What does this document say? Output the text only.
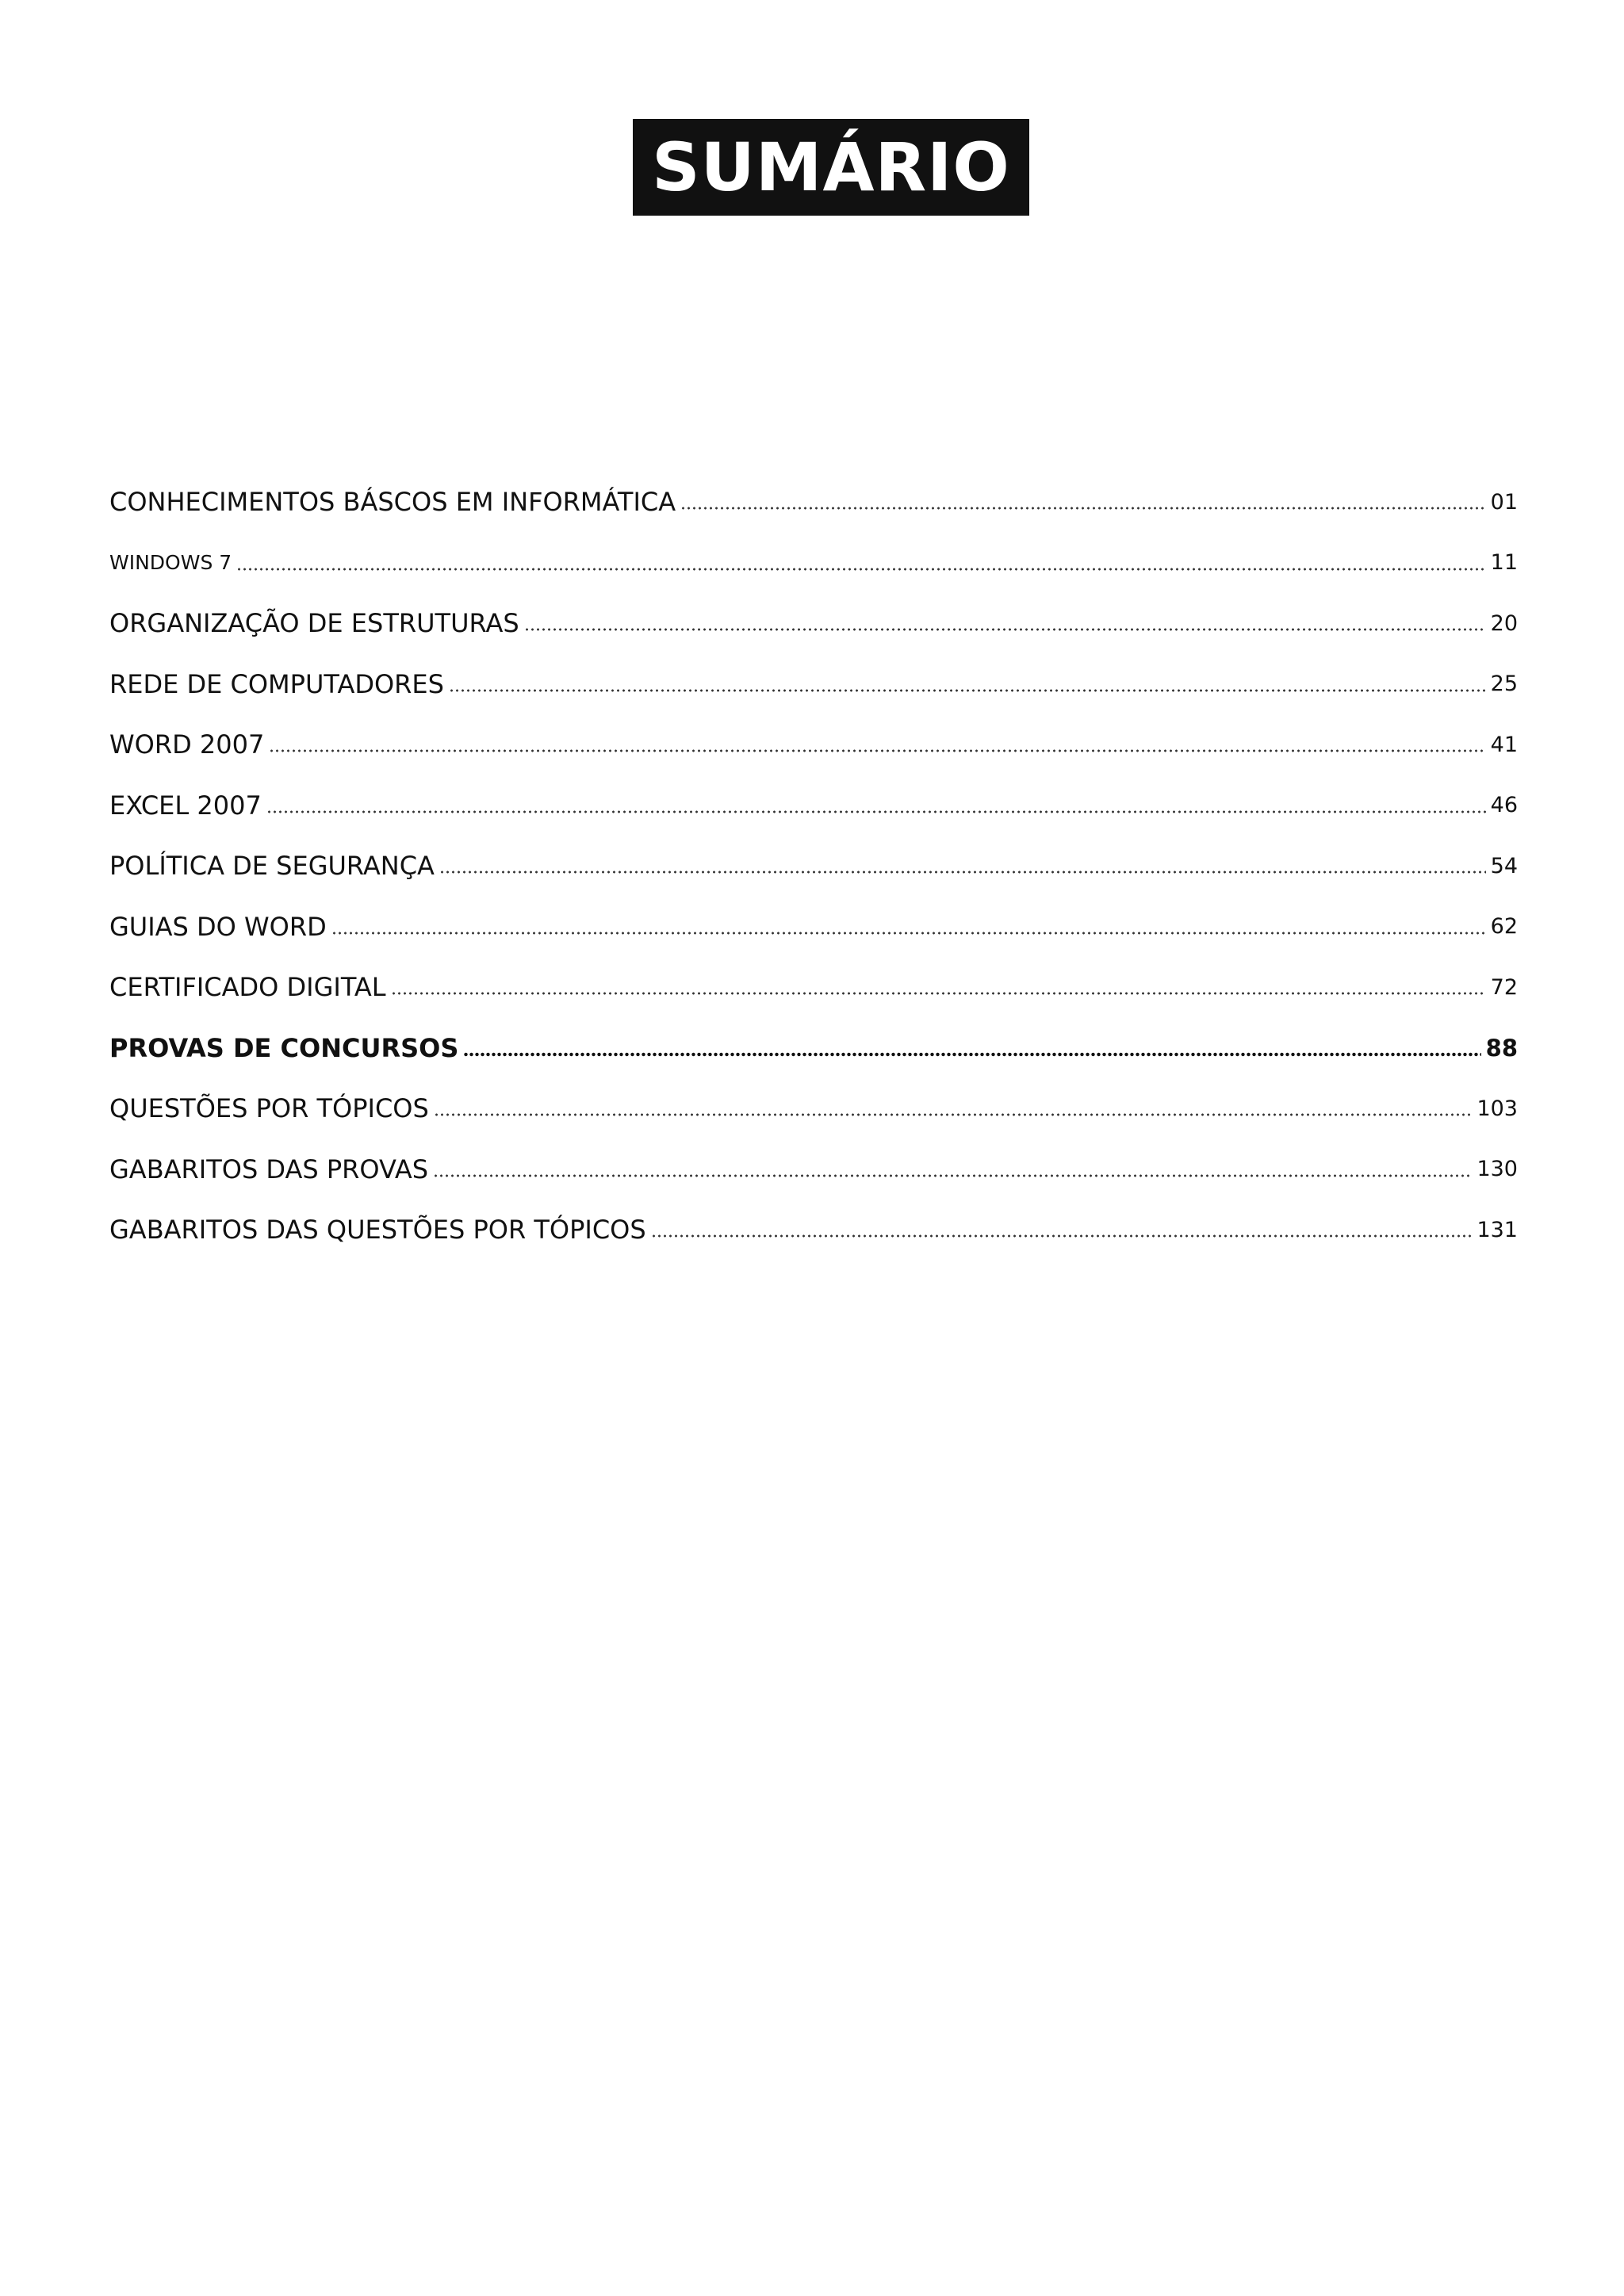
SUMÁRIO
CONHECIMENTOS BÁSCOS EM INFORMÁTICA	01
WINDOWS 7	11
ORGANIZAÇÃO DE ESTRUTURAS	20
REDE DE COMPUTADORES	25
WORD 2007	41
EXCEL 2007	46
POLÍTICA DE SEGURANÇA	54
GUIAS DO WORD	62
CERTIFICADO DIGITAL	72
PROVAS DE CONCURSOS	88
QUESTÕES POR TÓPICOS	103
GABARITOS DAS PROVAS	130
GABARITOS DAS QUESTÕES POR TÓPICOS	131
